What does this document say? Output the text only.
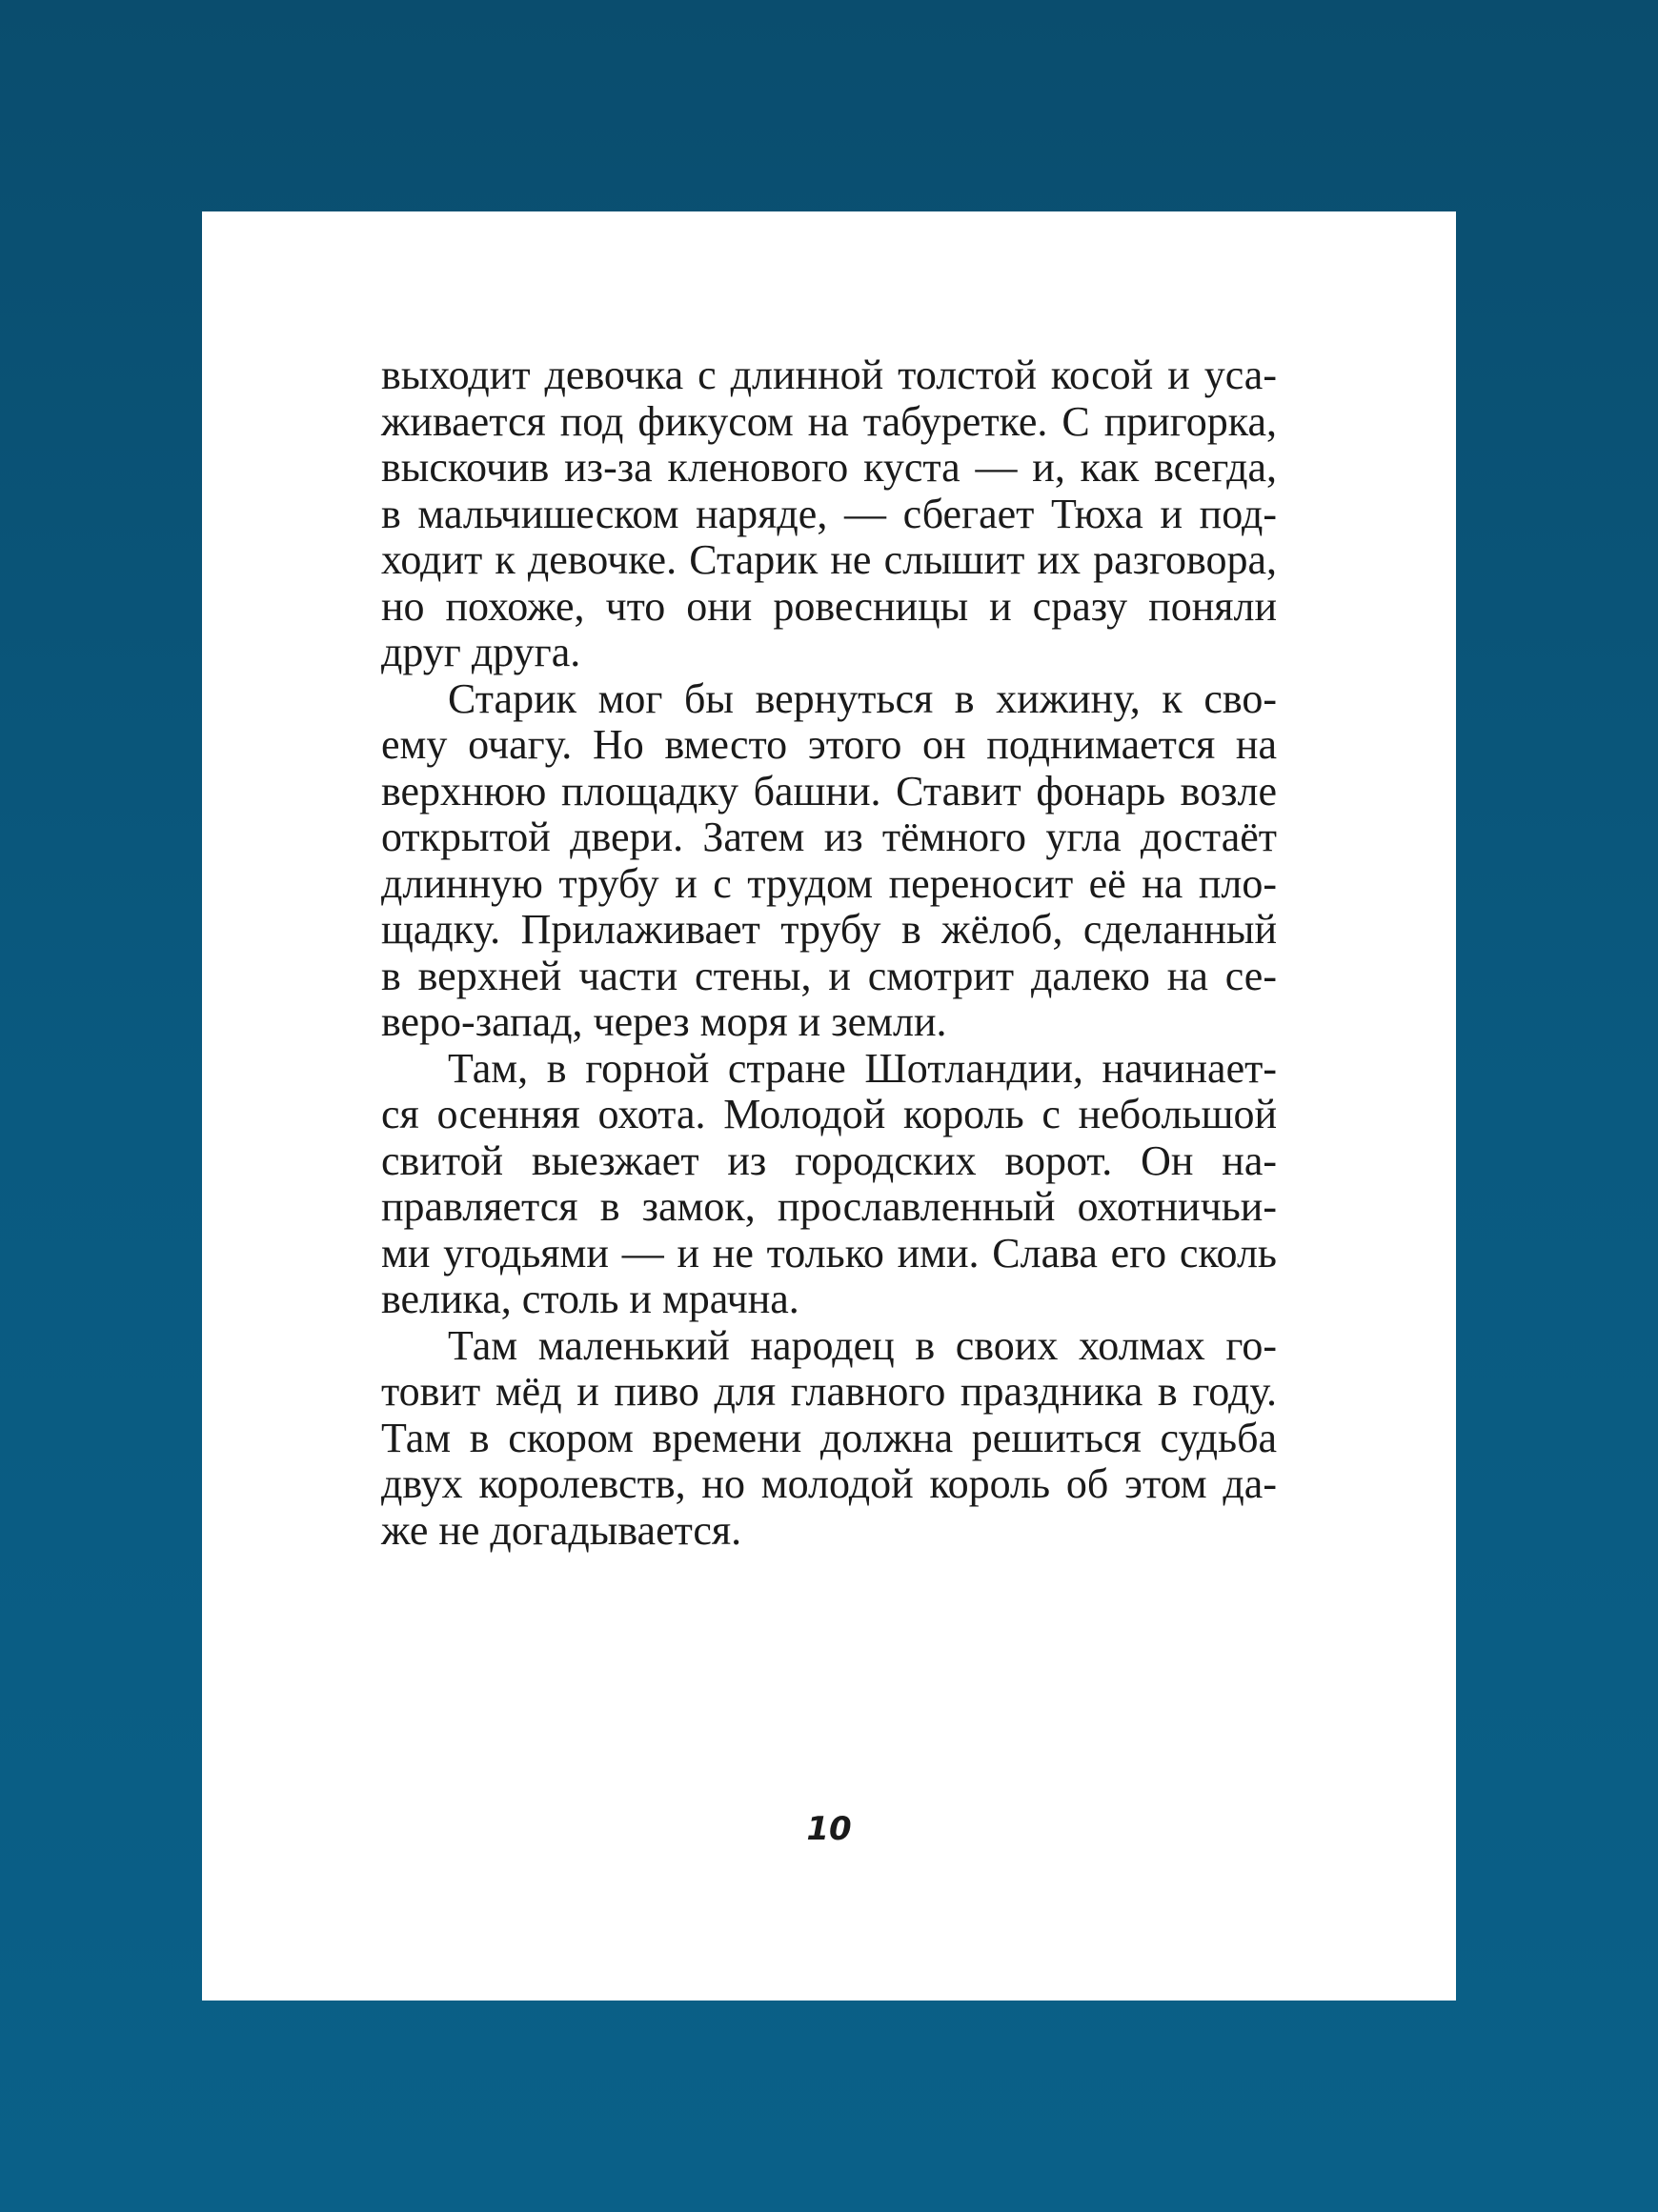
выходит девочка с длинной толстой косой и уса-
живается под фикусом на табуретке. С пригорка,
выскочив из-за кленового куста — и, как всегда,
в мальчишеском наряде, — сбегает Тюха и под-
ходит к девочке. Старик не слышит их разговора,
но похоже, что они ровесницы и сразу поняли
друг друга.
Старик мог бы вернуться в хижину, к сво-
ему очагу. Но вместо этого он поднимается на
верхнюю площадку башни. Ставит фонарь возле
открытой двери. Затем из тёмного угла достаёт
длинную трубу и с трудом переносит её на пло-
щадку. Прилаживает трубу в жёлоб, сделанный
в верхней части стены, и смотрит далеко на се-
веро-запад, через моря и земли.
Там, в горной стране Шотландии, начинает-
ся осенняя охота. Молодой король с небольшой
свитой выезжает из городских ворот. Он на-
правляется в замок, прославленный охотничьи-
ми угодьями — и не только ими. Слава его сколь
велика, столь и мрачна.
Там маленький народец в своих холмах го-
товит мёд и пиво для главного праздника в году.
Там в скором времени должна решиться судьба
двух королевств, но молодой король об этом да-
же не догадывается.
10
